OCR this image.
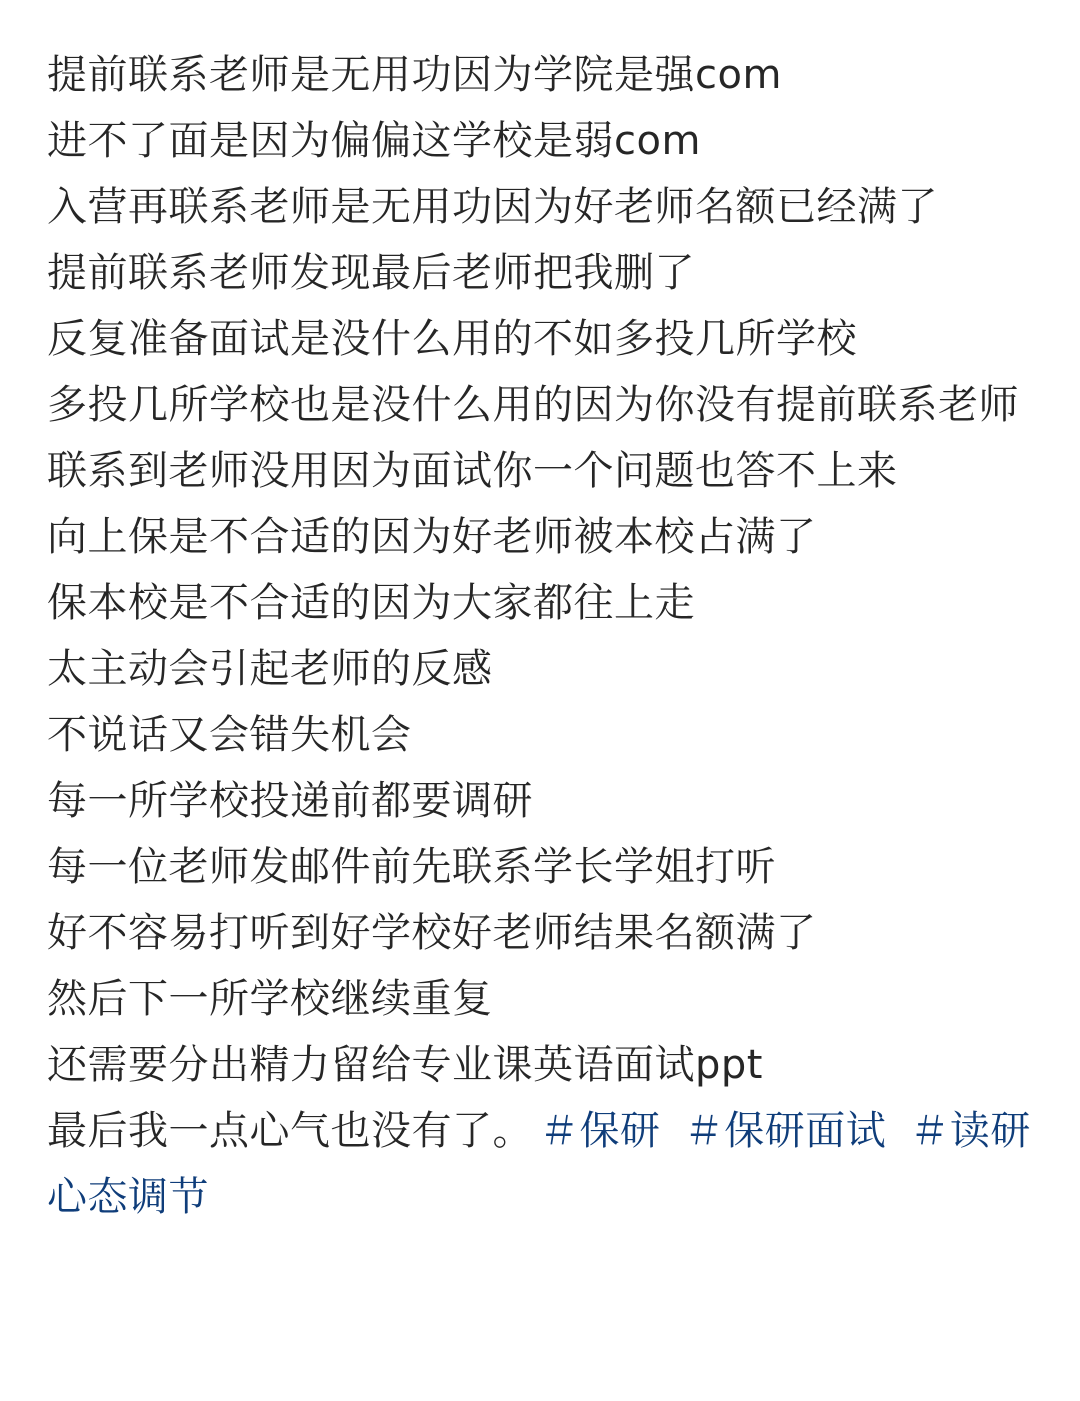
提前联系老师是无用功因为学院是强com
进不了面是因为偏偏这学校是弱com
入营再联系老师是无用功因为好老师名额已经满了
提前联系老师发现最后老师把我删了
反复准备面试是没什么用的不如多投几所学校
多投几所学校也是没什么用的因为你没有提前联系老师
联系到老师没用因为面试你一个问题也答不上来
向上保是不合适的因为好老师被本校占满了
保本校是不合适的因为大家都往上走
太主动会引起老师的反感
不说话又会错失机会
每一所学校投递前都要调研
每一位老师发邮件前先联系学长学姐打听
好不容易打听到好学校好老师结果名额满了
然后下一所学校继续重复
还需要分出精力留给专业课英语面试ppt
最后我一点心气也没有了。 ＃保研 ＃保研面试 ＃读研心态调节
